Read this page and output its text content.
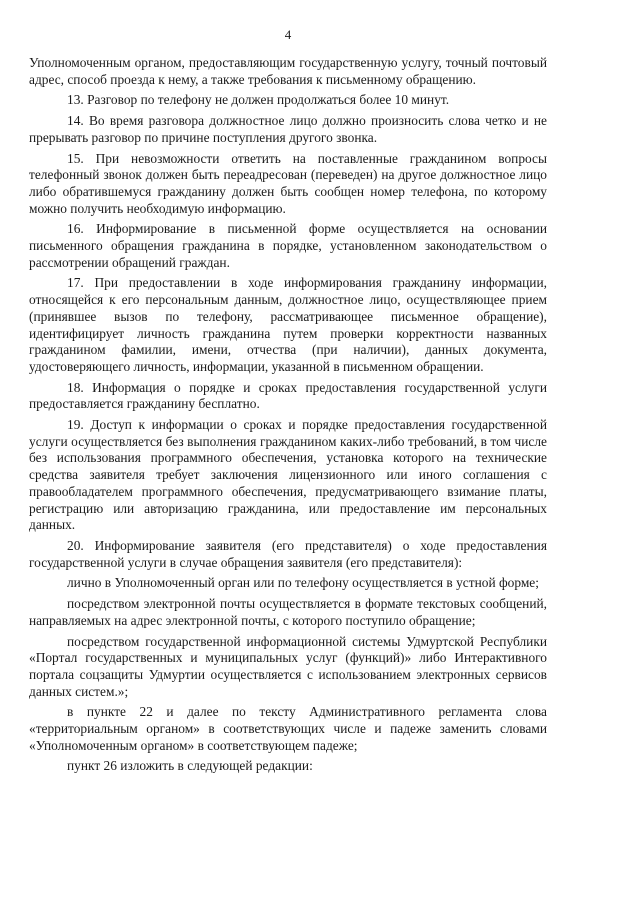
4

Уполномоченным органом, предоставляющим государственную услугу, точный почтовый адрес, способ проезда к нему, а также требования к письменному обращению.

13. Разговор по телефону не должен продолжаться более 10 минут.

14. Во время разговора должностное лицо должно произносить слова четко и не прерывать разговор по причине поступления другого звонка.

15. При невозможности ответить на поставленные гражданином вопросы телефонный звонок должен быть переадресован (переведен) на другое должностное лицо либо обратившемуся гражданину должен быть сообщен номер телефона, по которому можно получить необходимую информацию.

16. Информирование в письменной форме осуществляется на основании письменного обращения гражданина в порядке, установленном законодательством о рассмотрении обращений граждан.

17. При предоставлении в ходе информирования гражданину информации, относящейся к его персональным данным, должностное лицо, осуществляющее прием (принявшее вызов по телефону, рассматривающее письменное обращение), идентифицирует личность гражданина путем проверки корректности названных гражданином фамилии, имени, отчества (при наличии), данных документа, удостоверяющего личность, информации, указанной в письменном обращении.

18. Информация о порядке и сроках предоставления государственной услуги предоставляется гражданину бесплатно.

19. Доступ к информации о сроках и порядке предоставления государственной услуги осуществляется без выполнения гражданином каких-либо требований, в том числе без использования программного обеспечения, установка которого на технические средства заявителя требует заключения лицензионного или иного соглашения с правообладателем программного обеспечения, предусматривающего взимание платы, регистрацию или авторизацию гражданина, или предоставление им персональных данных.

20. Информирование заявителя (его представителя) о ходе предоставления государственной услуги в случае обращения заявителя (его представителя):

лично в Уполномоченный орган или по телефону осуществляется в устной форме;

посредством электронной почты осуществляется в формате текстовых сообщений, направляемых на адрес электронной почты, с которого поступило обращение;

посредством государственной информационной системы Удмуртской Республики «Портал государственных и муниципальных услуг (функций)» либо Интерактивного портала соцзащиты Удмуртии осуществляется с использованием электронных сервисов данных систем.»;

в пункте 22 и далее по тексту Административного регламента слова «территориальным органом» в соответствующих числе и падеже заменить словами «Уполномоченным органом» в соответствующем падеже;

пункт 26 изложить в следующей редакции:
